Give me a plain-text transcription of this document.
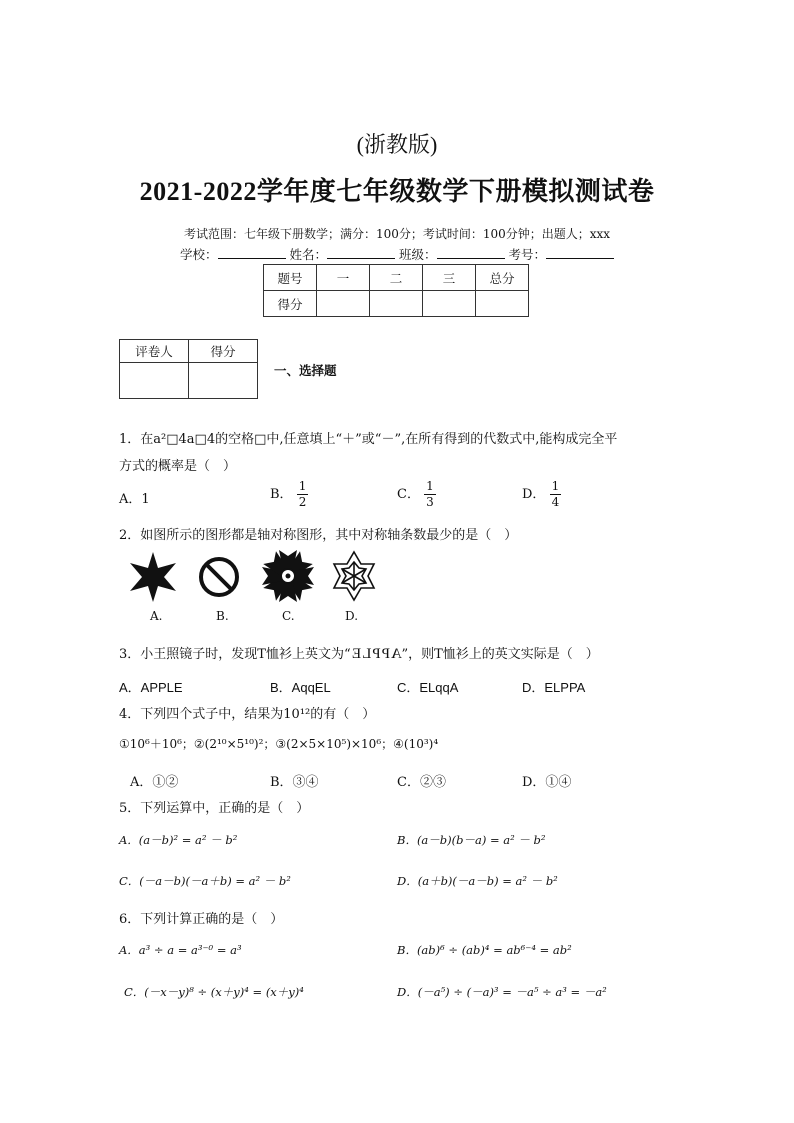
(浙教版)
2021-2022学年度七年级数学下册模拟测试卷
考试范围：七年级下册数学；满分：100分；考试时间：100分钟；出题人；xxx
学校：	姓名：	班级：	考号：
题号	一	二	三	总分
得分				
评卷人	得分

一、选择题
1．在a²□4a□4的空格□中,任意填上“＋”或“－”,在所有得到的代数式中,能构成完全平
方式的概率是（　）
A．1	B． $\frac{1}{2}$	C． $\frac{1}{3}$	D． $\frac{1}{4}$
2．如图所示的图形都是轴对称图形，其中对称轴条数最少的是（　）
A.	B.	C.	D.
3．小王照镜子时，发现T恤衫上英文为“APPLE”，则T恤衫上的英文实际是（　）
A．APPLE	B．AqqEL	C．ELqqA	D．ELPPA
4．下列四个式子中，结果为10¹²的有（　）
①10⁶＋10⁶；②(2¹⁰×5¹⁰)²；③(2×5×10⁵)×10⁶；④(10³)⁴
A．①②	B．③④	C．②③	D．①④
5．下列运算中，正确的是（　）
A．(a－b)² = a² － b²	B．(a－b)(b－a) = a² － b²
C．(－a－b)(－a＋b) = a² － b²	D．(a＋b)(－a－b) = a² － b²
6．下列计算正确的是（　）
A．a³ ÷ a = a³⁻⁰ = a³	B．(ab)⁶ ÷ (ab)⁴ = ab⁶⁻⁴ = ab²
C．(－x－y)⁸ ÷ (x＋y)⁴ = (x＋y)⁴	D．(－a⁵) ÷ (－a)³ = －a⁵ ÷ a³ = －a²
